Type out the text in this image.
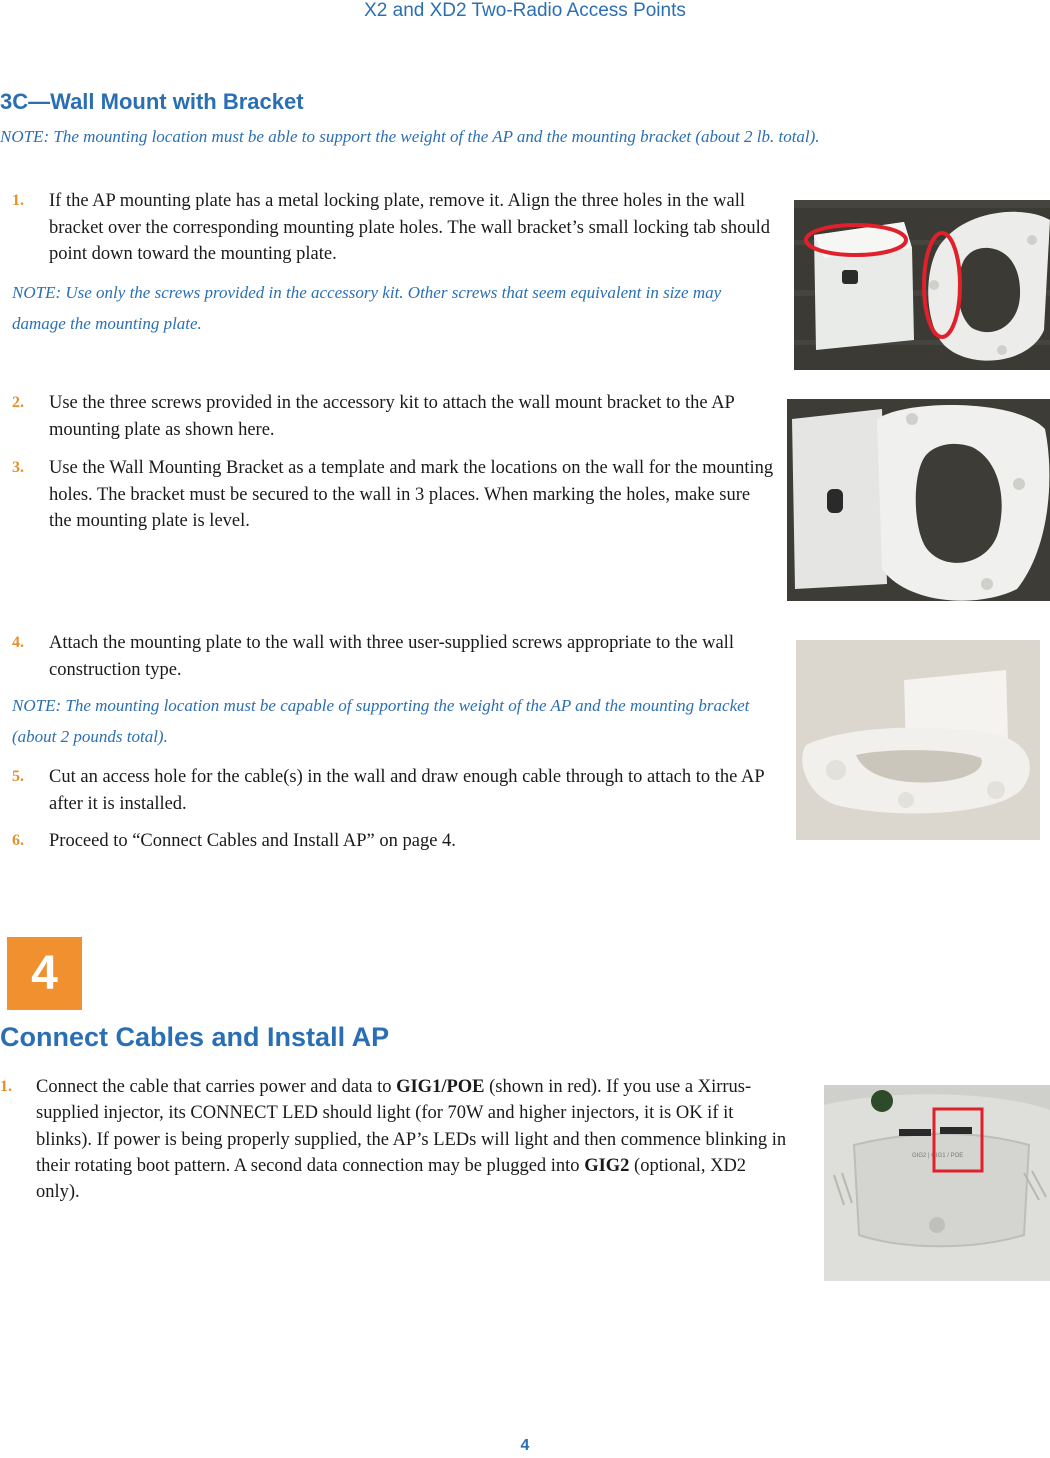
X2 and XD2 Two-Radio Access Points
3C—Wall Mount with Bracket
NOTE: The mounting location must be able to support the weight of the AP and the mounting bracket (about 2 lb. total).
1. If the AP mounting plate has a metal locking plate, remove it. Align the three holes in the wall bracket over the corresponding mounting plate holes. The wall bracket’s small locking tab should point down toward the mounting plate.
NOTE: Use only the screws provided in the accessory kit. Other screws that seem equivalent in size may damage the mounting plate.
2. Use the three screws provided in the accessory kit to attach the wall mount bracket to the AP mounting plate as shown here.
3. Use the Wall Mounting Bracket as a template and mark the locations on the wall for the mounting holes. The bracket must be secured to the wall in 3 places. When marking the holes, make sure the mounting plate is level.
4. Attach the mounting plate to the wall with three user-supplied screws appropriate to the wall construction type.
NOTE: The mounting location must be capable of supporting the weight of the AP and the mounting bracket (about 2 pounds total).
5. Cut an access hole for the cable(s) in the wall and draw enough cable through to attach to the AP after it is installed.
6. Proceed to “Connect Cables and Install AP” on page 4.
4
Connect Cables and Install AP
1. Connect the cable that carries power and data to GIG1/POE (shown in red). If you use a Xirrus-supplied injector, its CONNECT LED should light (for 70W and higher injectors, it is OK if it blinks). If power is being properly supplied, the AP’s LEDs will light and then commence blinking in their rotating boot pattern. A second data connection may be plugged into GIG2 (optional, XD2 only).
GIG2 | GIG1 / POE
4
